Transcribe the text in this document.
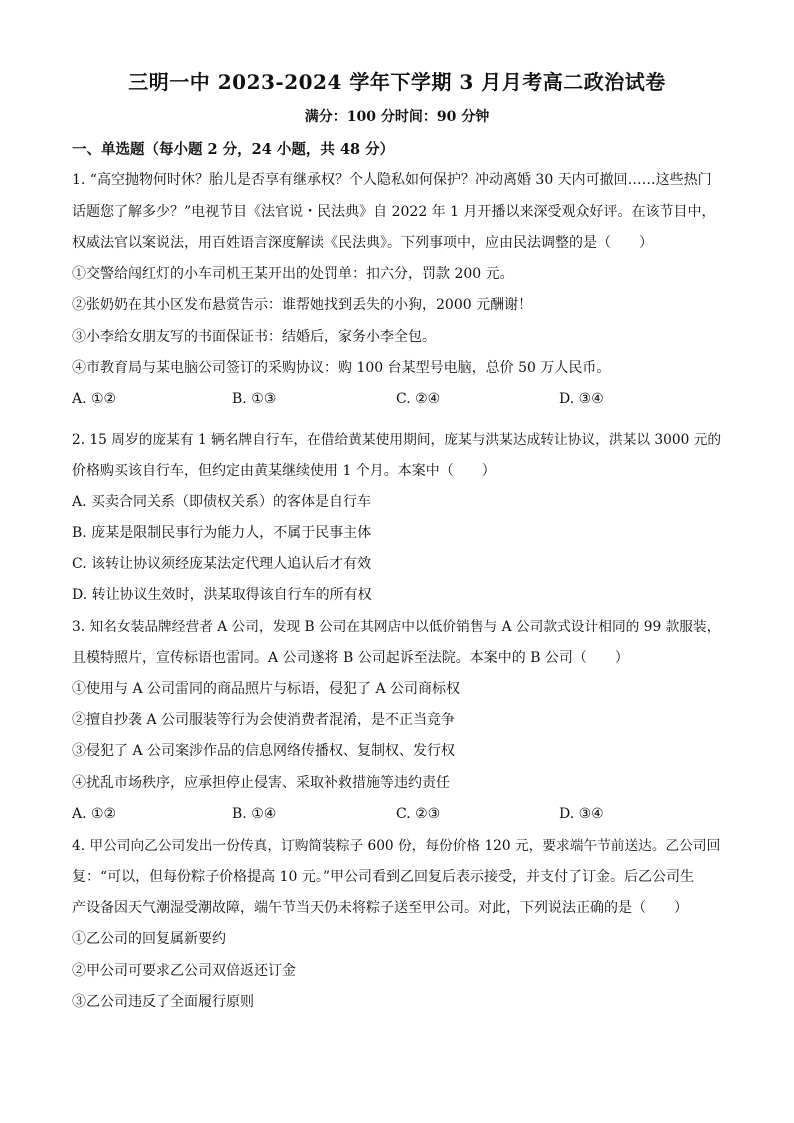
三明一中 2023-2024 学年下学期 3 月月考高二政治试卷
满分：100 分时间：90 分钟
一、单选题（每小题 2 分，24 小题，共 48 分）
1. “高空抛物何时休？胎儿是否享有继承权？个人隐私如何保护？冲动离婚 30 天内可撤回……这些热门
话题您了解多少？”电视节目《法官说・民法典》自 2022 年 1 月开播以来深受观众好评。在该节目中，
权威法官以案说法，用百姓语言深度解读《民法典》。下列事项中，应由民法调整的是（　　）
①交警给闯红灯的小车司机王某开出的处罚单：扣六分，罚款 200 元。
②张奶奶在其小区发布悬赏告示：谁帮她找到丢失的小狗，2000 元酬谢！
③小李给女朋友写的书面保证书：结婚后，家务小李全包。
④市教育局与某电脑公司签订的采购协议：购 100 台某型号电脑，总价 50 万人民币。
A. ①②	B. ①③	C. ②④	D. ③④
2. 15 周岁的庞某有 1 辆名牌自行车，在借给黄某使用期间，庞某与洪某达成转让协议，洪某以 3000 元的
价格购买该自行车，但约定由黄某继续使用 1 个月。本案中（　　）
A. 买卖合同关系（即债权关系）的客体是自行车
B. 庞某是限制民事行为能力人，不属于民事主体
C. 该转让协议须经庞某法定代理人追认后才有效
D. 转让协议生效时，洪某取得该自行车的所有权
3. 知名女装品牌经营者 A 公司，发现 B 公司在其网店中以低价销售与 A 公司款式设计相同的 99 款服装，
且模特照片，宣传标语也雷同。A 公司遂将 B 公司起诉至法院。本案中的 B 公司（　　）
①使用与 A 公司雷同的商品照片与标语，侵犯了 A 公司商标权
②擅自抄袭 A 公司服装等行为会使消费者混淆，是不正当竞争
③侵犯了 A 公司案涉作品的信息网络传播权、复制权、发行权
④扰乱市场秩序，应承担停止侵害、采取补救措施等违约责任
A. ①②	B. ①④	C. ②③	D. ③④
4. 甲公司向乙公司发出一份传真，订购简装粽子 600 份，每份价格 120 元，要求端午节前送达。乙公司回
复：“可以，但每份粽子价格提高 10 元。”甲公司看到乙回复后表示接受，并支付了订金。后乙公司生
产设备因天气潮湿受潮故障，端午节当天仍未将粽子送至甲公司。对此，下列说法正确的是（　　）
①乙公司的回复属新要约
②甲公司可要求乙公司双倍返还订金
③乙公司违反了全面履行原则
